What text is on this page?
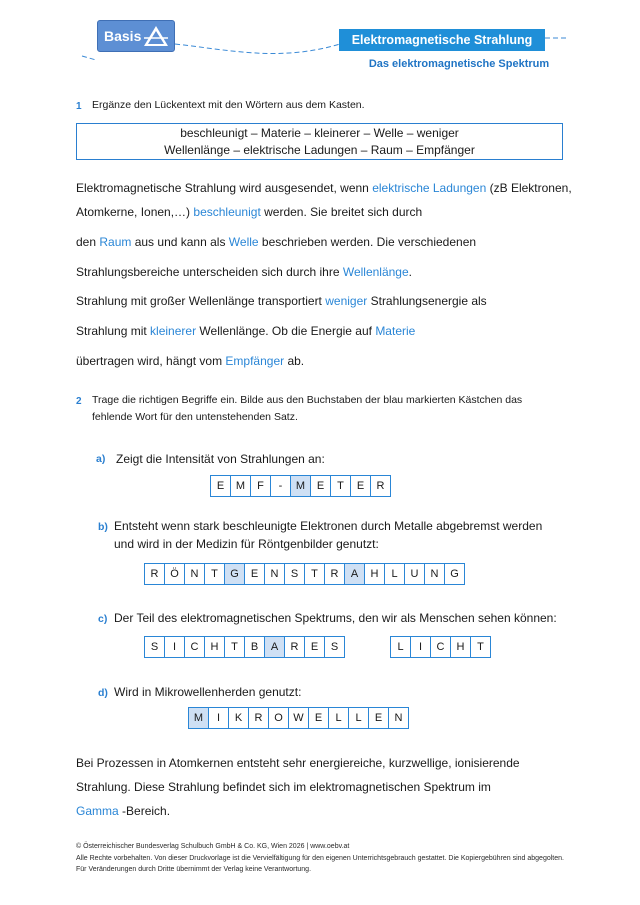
Basis	Elektromagnetische Strahlung
Das elektromagnetische Spektrum
1 Ergänze den Lückentext mit den Wörtern aus dem Kasten.
beschleunigt – Materie – kleinerer – Welle – weniger
Wellenlänge – elektrische Ladungen – Raum – Empfänger
Elektromagnetische Strahlung wird ausgesendet, wenn elektrische Ladungen (zB Elektronen,
Atomkerne, Ionen,…) beschleunigt werden. Sie breitet sich durch
den Raum aus und kann als Welle beschrieben werden. Die verschiedenen
Strahlungsbereiche unterscheiden sich durch ihre Wellenlänge.
Strahlung mit großer Wellenlänge transportiert weniger Strahlungsenergie als
Strahlung mit kleinerer Wellenlänge. Ob die Energie auf Materie
übertragen wird, hängt vom Empfänger ab.
2 Trage die richtigen Begriffe ein. Bilde aus den Buchstaben der blau markierten Kästchen das
fehlende Wort für den untenstehenden Satz.
a) Zeigt die Intensität von Strahlungen an:
E	M	F	-	M	E	T	E	R
b) Entsteht wenn stark beschleunigte Elektronen durch Metalle abgebremst werden
und wird in der Medizin für Röntgenbilder genutzt:
R	Ö	N	T	G	E	N	S	T	R	A	H	L	U	N	G
c) Der Teil des elektromagnetischen Spektrums, den wir als Menschen sehen können:
S	I	C	H	T	B	A	R	E	S	L	I	C	H	T
d) Wird in Mikrowellenherden genutzt:
M	I	K	R	O W	E	L	L	E	N
Bei Prozessen in Atomkernen entsteht sehr energiereiche, kurzwellige, ionisierende
Strahlung. Diese Strahlung befindet sich im elektromagnetischen Spektrum im
Gamma -Bereich.
© Österreichischer Bundesverlag Schulbuch GmbH & Co. KG, Wien 2026 | www.oebv.at
Alle Rechte vorbehalten. Von dieser Druckvorlage ist die Vervielfältigung für den eigenen Unterrichtsgebrauch gestattet. Die Kopiergebühren sind abgegolten.
Für Veränderungen durch Dritte übernimmt der Verlag keine Verantwortung.
